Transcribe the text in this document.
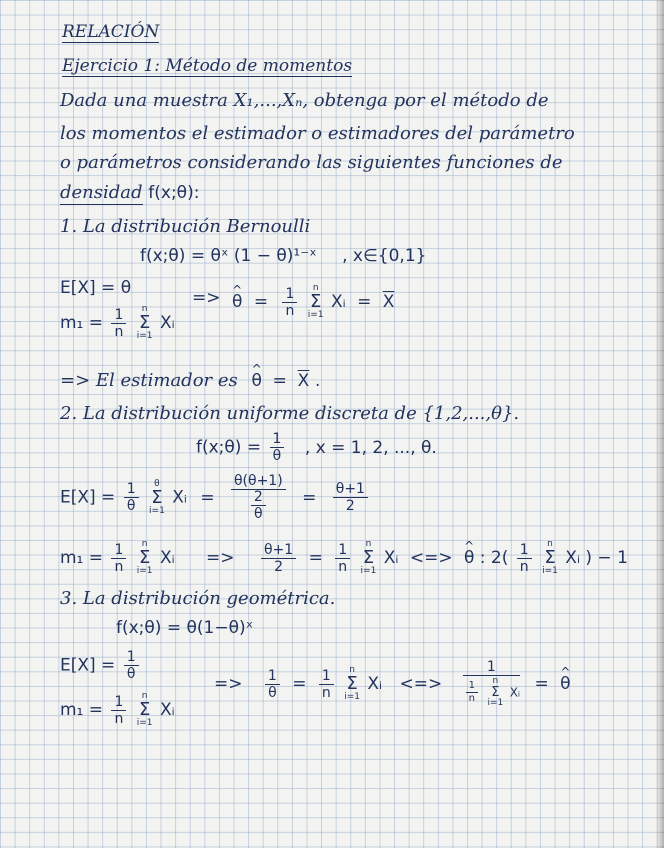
RELACIÓN
Ejercicio 1: Método de momentos
Dada una muestra X₁,...,Xₙ, obtenga por el método de
los momentos el estimador o estimadores del parámetro
o parámetros considerando las siguientes funciones de
densidad f(x;θ):
1. La distribución Bernoulli
f(x;θ) = θˣ (1 − θ)¹⁻ˣ , x∈{0,1}
E[X] = θ
$m_1 = \frac{1}{n}$
n
Σ
i=1
Xᵢ
=> ^ $\theta = \frac{1}{n}$
n
Σ
i=1
Xᵢ = $\overline{X}$
=> El estimador es ^ $\theta = \overline{X}$ .
2. La distribución uniforme discreta de {1,2,...,θ}.
f(x;θ) = $\frac{1}{\theta}$ , x = 1, 2, ..., θ.
$E[X] = \frac{1}{\theta}$
θ
Σ
i=1
Xᵢ =
θ(θ+1)
2
θ
= $\frac{\theta+1}{2}$
$m_1 = \frac{1}{n}$
n
Σ
i=1
Xᵢ => $\frac{\theta+1}{2} = \frac{1}{n}$
n
Σ
i=1
Xᵢ <=> ^ θ : $2( \frac{1}{n}$
n
Σ
i=1
Xᵢ ) − 1
3. La distribución geométrica.
f(x;θ) = θ(1−θ)ˣ
$E[X] = \frac{1}{\theta}$
$m_1 = \frac{1}{n}$
n
Σ
i=1
Xᵢ
=> $\frac{1}{\theta} = \frac{1}{n}$
n
Σ
i=1
Xᵢ <=>
1
$\frac{1}{n}$
n
Σ
i=1
Xᵢ = ^ θ
